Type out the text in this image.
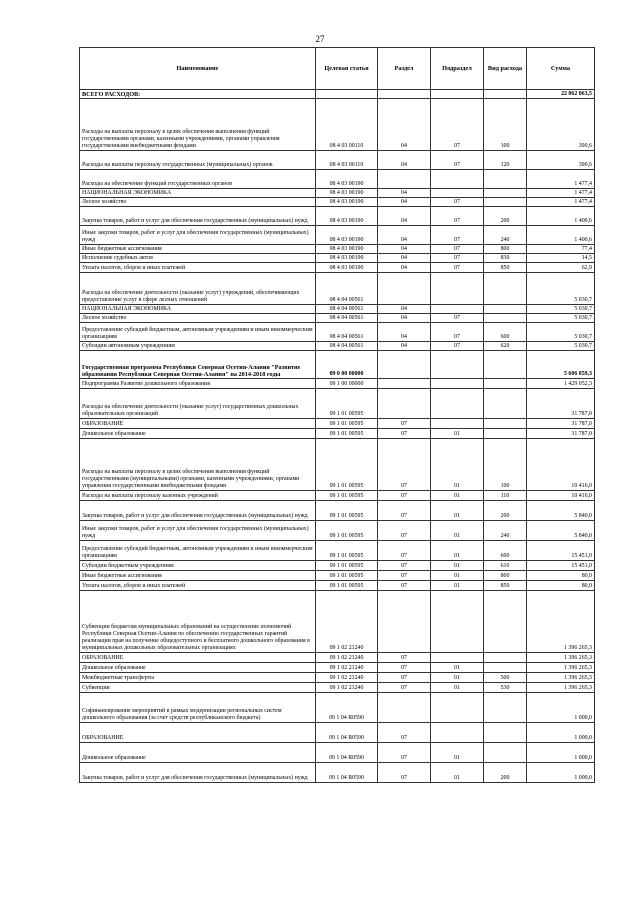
27
Наименование	Целевая статья	Раздел	Подраздел	Вид расхода	Сумма
ВСЕГО РАСХОДОВ:					22 062 063,5
Расходы на выплаты персоналу в целях обеспечения выполнения функций государственными органами, казенными учреждениями, органами управления государственными внебюджетными фондами	08 4 03 00110	04	07	100	390,6
Расходы на выплаты персоналу государственных (муниципальных) органов	08 4 03 00110	04	07	120	390,6
Расходы на обеспечение функций государственных органов	08 4 03 00190				1 477,4
НАЦИОНАЛЬНАЯ ЭКОНОМИКА	08 4 03 00190	04			1 477,4
Лесное хозяйство	08 4 03 00190	04	07		1 477,4
Закупка товаров, работ и услуг для обеспечения государственных (муниципальных) нужд	08 4 03 00190	04	07	200	1 400,6
Иные закупки товаров, работ и услуг для обеспечения государственных (муниципальных) нужд	08 4 03 00190	04	07	240	1 400,6
Иные бюджетные ассигнования	08 4 03 00190	04	07	800	77,4
Исполнение судебных актов	08 4 03 00190	04	07	830	14,5
Уплата налогов, сборов и иных платежей	08 4 03 00190	04	07	850	62,9
Расходы на обеспечение деятельности (оказание услуг) учреждений, обеспечивающих предоставление услуг в сфере лесных отношений	08 4 04 00561				5 030,7
НАЦИОНАЛЬНАЯ ЭКОНОМИКА	08 4 04 00561	04			5 030,7
Лесное хозяйство	08 4 04 00561	04	07		5 030,7
Предоставление субсидий бюджетным, автономным учреждениям и иным некоммерческим организациям	08 4 04 00561	04	07	600	5 030,7
Субсидии автономным учреждениям	08 4 04 00561	04	07	620	5 030,7
Государственная программа Республики Северная Осетия-Алания "Развитие образования Республики Северная Осетия-Алания" на 2014-2018 годы	09 0 00 00000				5 606 859,3
Подпрограмма Развитие дошкольного образования	09 1 00 00000				1 429 052,3
Расходы на обеспечение деятельности (оказание услуг) государственных дошкольных образовательных организаций	09 1 01 00595				31 787,0
ОБРАЗОВАНИЕ	09 1 01 00595	07			31 787,0
Дошкольное образование	09 1 01 00595	07	01		31 787,0
Расходы на выплаты персоналу в целях обеспечения выполнения функций государственными (муниципальными) органами, казенными учреждениями, органами управления государственными внебюджетными фондами	09 1 01 00595	07	01	100	10 416,0
Расходы на выплаты персоналу казенных учреждений	09 1 01 00595	07	01	110	10 416,0
Закупка товаров, работ и услуг для обеспечения государственных (муниципальных) нужд	09 1 01 00595	07	01	200	5 840,0
Иные закупки товаров, работ и услуг для обеспечения государственных (муниципальных) нужд	09 1 01 00595	07	01	240	5 840,0
Предоставление субсидий бюджетным, автономным учреждениям и иным некоммерческим организациям	09 1 01 00595	07	01	600	15 451,0
Субсидии бюджетным учреждениям	09 1 01 00595	07	01	610	15 451,0
Иные бюджетные ассигнования	09 1 01 00595	07	01	800	80,0
Уплата налогов, сборов и иных платежей	09 1 01 00595	07	01	850	80,0
Субвенции бюджетам муниципальных образований на осуществление полномочий Республики Северная Осетия-Алания по обеспечению государственных гарантий реализации прав на получение общедоступного и бесплатного дошкольного образования в муниципальных дошкольных образовательных организациях	09 1 02 21240				1 396 265,3
ОБРАЗОВАНИЕ	09 1 02 21240	07			1 396 265,3
Дошкольное образование	09 1 02 21240	07	01		1 396 265,3
Межбюджетные трансферты	09 1 02 21240	07	01	500	1 396 265,3
Субвенции	09 1 02 21240	07	01	530	1 396 265,3
Софинансирование мероприятий в рамках модернизации региональных систем дошкольного образования (за счет средств республиканского бюджета)	09 1 04 R0590				1 000,0
ОБРАЗОВАНИЕ	09 1 04 R0590	07			1 000,0
Дошкольное образование	09 1 04 R0590	07	01		1 000,0
Закупка товаров, работ и услуг для обеспечения государственных (муниципальных) нужд	09 1 04 R0590	07	01	200	1 000,0
